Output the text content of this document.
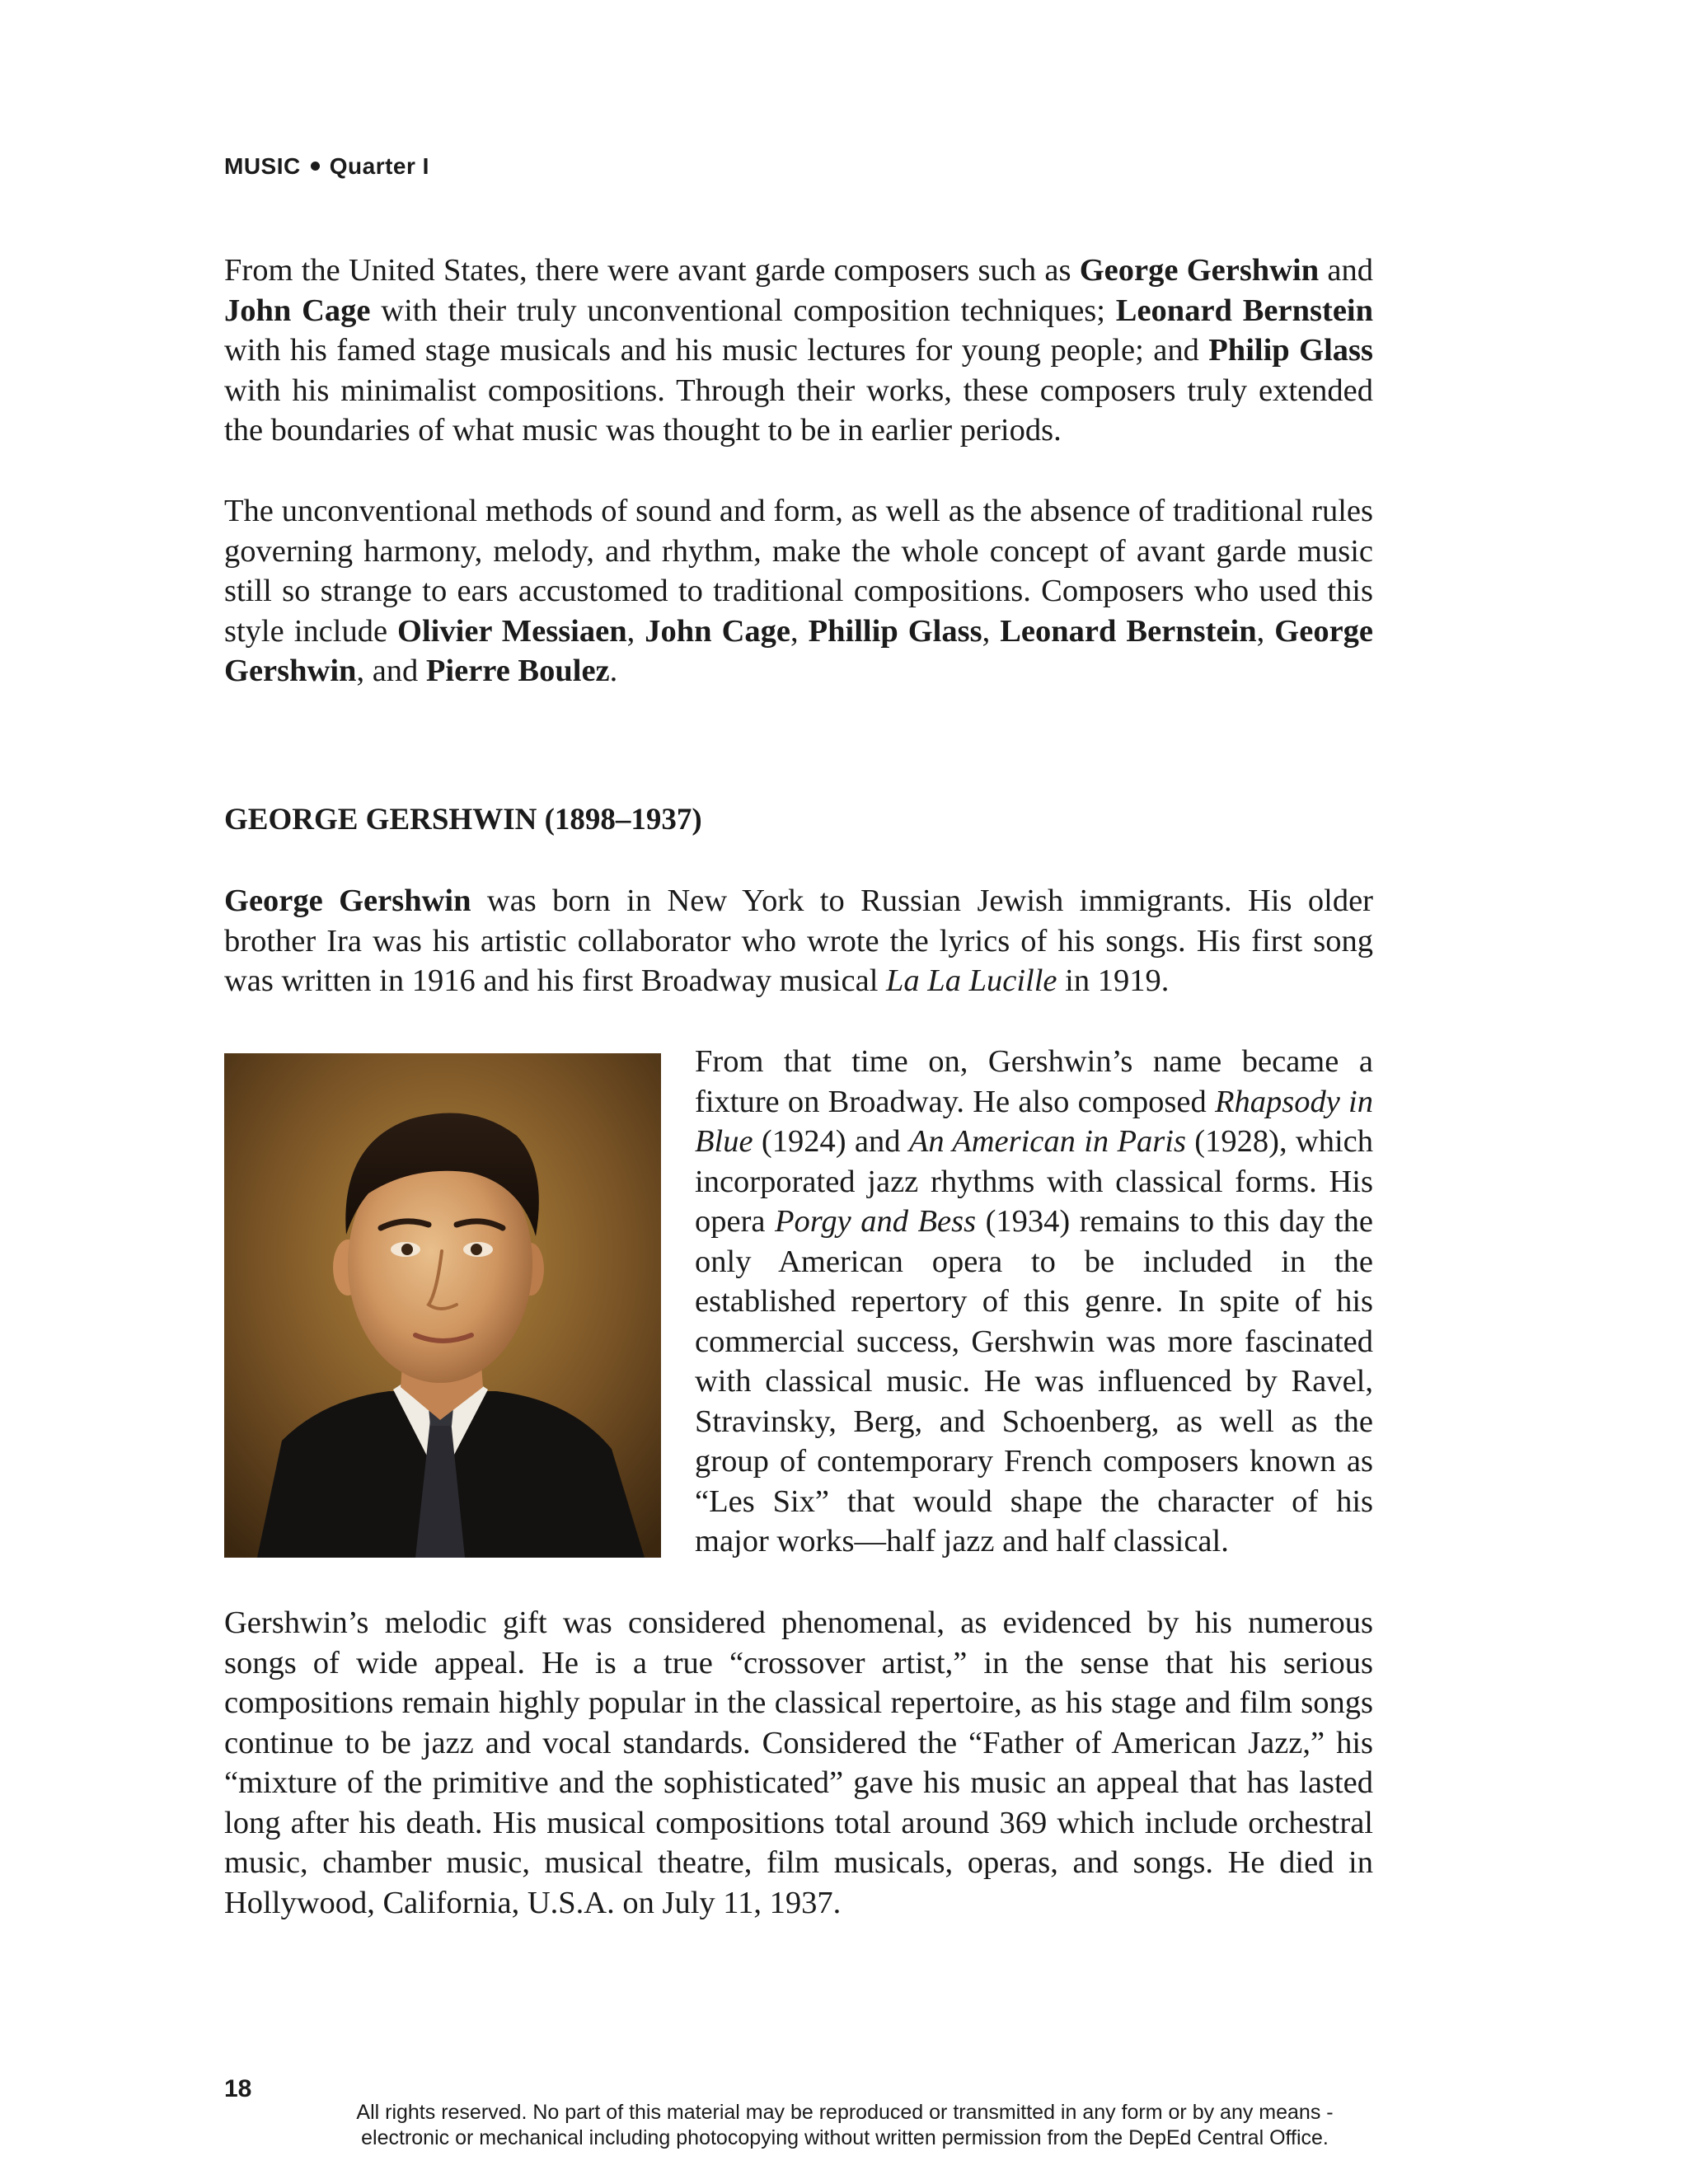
MUSIC Quarter I

From the United States, there were avant garde composers such as George Gershwin and John Cage with their truly unconventional composition techniques; Leonard Bernstein with his famed stage musicals and his music lectures for young people; and Philip Glass with his minimalist compositions. Through their works, these composers truly extended the boundaries of what music was thought to be in earlier periods.

The unconventional methods of sound and form, as well as the absence of traditional rules governing harmony, melody, and rhythm, make the whole concept of avant garde music still so strange to ears accustomed to traditional compositions. Composers who used this style include Olivier Messiaen, John Cage, Phillip Glass, Leonard Bernstein, George Gershwin, and Pierre Boulez.

GEORGE GERSHWIN (1898–1937)

George Gershwin was born in New York to Russian Jewish immigrants. His older brother Ira was his artistic collaborator who wrote the lyrics of his songs. His first song was written in 1916 and his first Broadway musical La La Lucille in 1919.

From that time on, Gershwin’s name became a fixture on Broadway. He also composed Rhapsody in Blue (1924) and An American in Paris (1928), which incorporated jazz rhythms with classical forms. His opera Porgy and Bess (1934) remains to this day the only American opera to be included in the established repertory of this genre. In spite of his commercial success, Gershwin was more fascinated with classical music. He was influenced by Ravel, Stravinsky, Berg, and Schoenberg, as well as the group of contemporary French composers known as “Les Six” that would shape the character of his major works—half jazz and half classical.

Gershwin’s melodic gift was considered phenomenal, as evidenced by his numerous songs of wide appeal. He is a true “crossover artist,” in the sense that his serious compositions remain highly popular in the classical repertoire, as his stage and film songs continue to be jazz and vocal standards. Considered the “Father of American Jazz,” his “mixture of the primitive and the sophisticated” gave his music an appeal that has lasted long after his death. His musical compositions total around 369 which include orchestral music, chamber music, musical theatre, film musicals, operas, and songs. He died in Hollywood, California, U.S.A. on July 11, 1937.

18
All rights reserved. No part of this material may be reproduced or transmitted in any form or by any means -
electronic or mechanical including photocopying without written permission from the DepEd Central Office.
